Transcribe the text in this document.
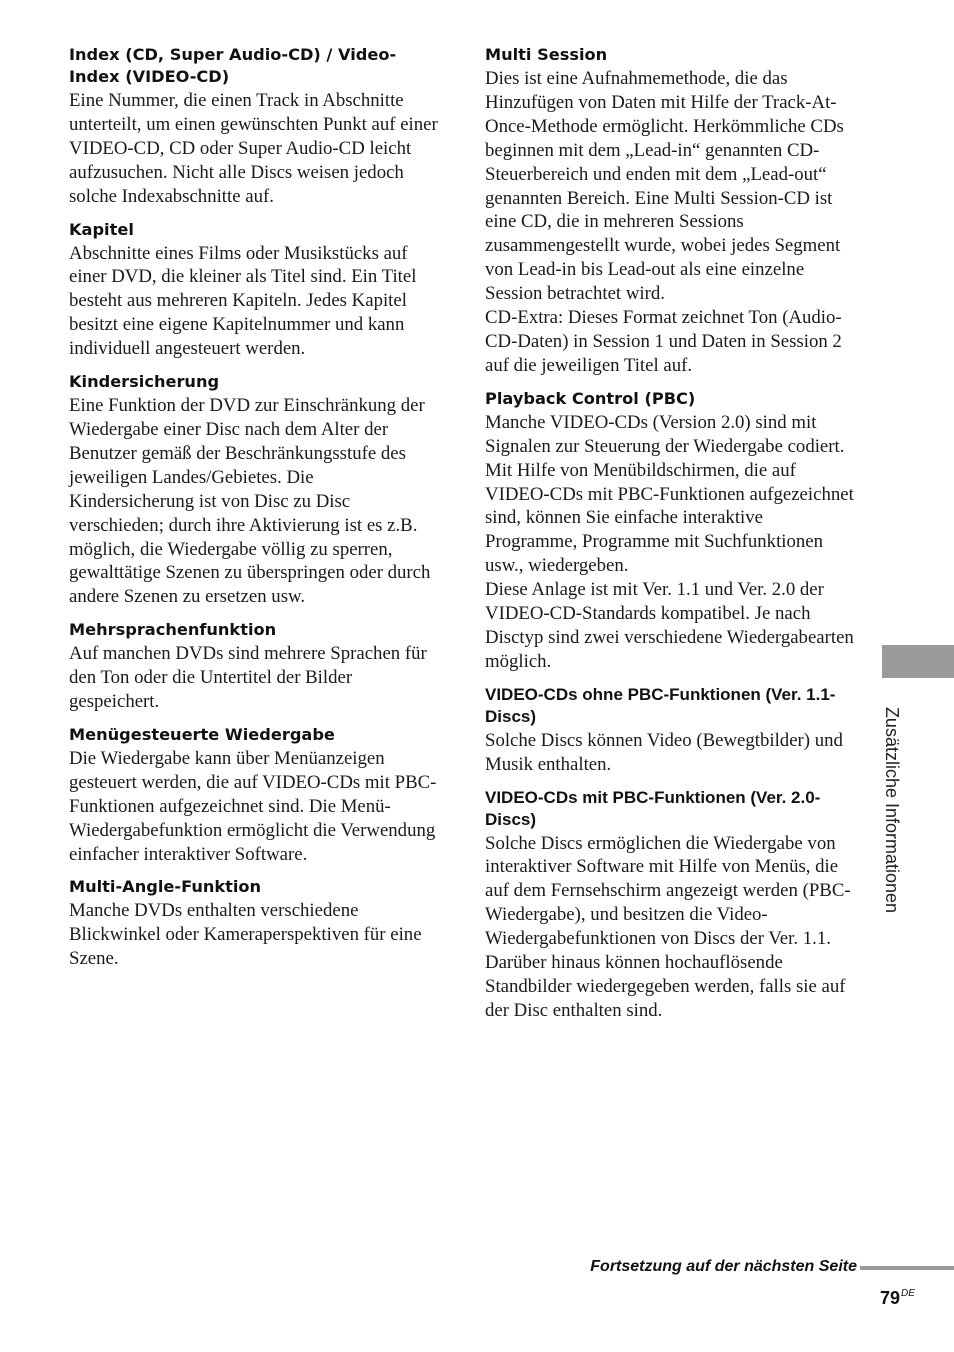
Index (CD, Super Audio-CD) / Video-Index (VIDEO-CD)

Eine Nummer, die einen Track in Abschnitte unterteilt, um einen gewünschten Punkt auf einer VIDEO-CD, CD oder Super Audio-CD leicht aufzusuchen. Nicht alle Discs weisen jedoch solche Indexabschnitte auf.

Kapitel

Abschnitte eines Films oder Musikstücks auf einer DVD, die kleiner als Titel sind. Ein Titel besteht aus mehreren Kapiteln. Jedes Kapitel besitzt eine eigene Kapitelnummer und kann individuell angesteuert werden.

Kindersicherung

Eine Funktion der DVD zur Einschränkung der Wiedergabe einer Disc nach dem Alter der Benutzer gemäß der Beschränkungsstufe des jeweiligen Landes/Gebietes. Die Kindersicherung ist von Disc zu Disc verschieden; durch ihre Aktivierung ist es z.B. möglich, die Wiedergabe völlig zu sperren, gewalttätige Szenen zu überspringen oder durch andere Szenen zu ersetzen usw.

Mehrsprachenfunktion

Auf manchen DVDs sind mehrere Sprachen für den Ton oder die Untertitel der Bilder gespeichert.

Menügesteuerte Wiedergabe

Die Wiedergabe kann über Menüanzeigen gesteuert werden, die auf VIDEO-CDs mit PBC-Funktionen aufgezeichnet sind. Die Menü-Wiedergabefunktion ermöglicht die Verwendung einfacher interaktiver Software.

Multi-Angle-Funktion

Manche DVDs enthalten verschiedene Blickwinkel oder Kameraperspektiven für eine Szene.

Multi Session

Dies ist eine Aufnahmemethode, die das Hinzufügen von Daten mit Hilfe der Track-At-Once-Methode ermöglicht. Herkömmliche CDs beginnen mit dem „Lead-in“ genannten CD-Steuerbereich und enden mit dem „Lead-out“ genannten Bereich. Eine Multi Session-CD ist eine CD, die in mehreren Sessions zusammengestellt wurde, wobei jedes Segment von Lead-in bis Lead-out als eine einzelne Session betrachtet wird.

CD-Extra: Dieses Format zeichnet Ton (Audio-CD-Daten) in Session 1 und Daten in Session 2 auf die jeweiligen Titel auf.

Playback Control (PBC)

Manche VIDEO-CDs (Version 2.0) sind mit Signalen zur Steuerung der Wiedergabe codiert. Mit Hilfe von Menübildschirmen, die auf VIDEO-CDs mit PBC-Funktionen aufgezeichnet sind, können Sie einfache interaktive Programme, Programme mit Suchfunktionen usw., wiedergeben.

Diese Anlage ist mit Ver. 1.1 und Ver. 2.0 der VIDEO-CD-Standards kompatibel. Je nach Disctyp sind zwei verschiedene Wiedergabearten möglich.

VIDEO-CDs ohne PBC-Funktionen (Ver. 1.1-Discs)

Solche Discs können Video (Bewegtbilder) und Musik enthalten.

VIDEO-CDs mit PBC-Funktionen (Ver. 2.0-Discs)

Solche Discs ermöglichen die Wiedergabe von interaktiver Software mit Hilfe von Menüs, die auf dem Fernsehschirm angezeigt werden (PBC-Wiedergabe), und besitzen die Video-Wiedergabefunktionen von Discs der Ver. 1.1. Darüber hinaus können hochauflösende Standbilder wiedergegeben werden, falls sie auf der Disc enthalten sind.

Zusätzliche Informationen
Fortsetzung auf der nächsten Seite
79DE
